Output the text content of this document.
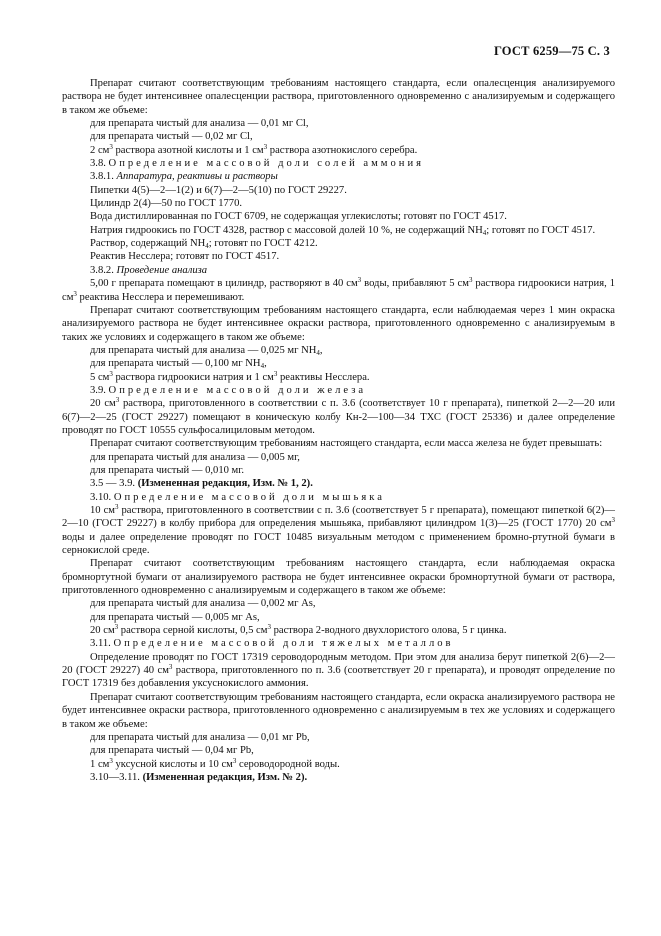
ГОСТ 6259—75 С. 3

Препарат считают соответствующим требованиям настоящего стандарта, если опалесценция анализируемого раствора не будет интенсивнее опалесценции раствора, приготовленного одновременно с анализируемым и содержащего в таком же объеме:

для препарата чистый для анализа — 0,01 мг Cl,

для препарата чистый — 0,02 мг Cl,

2 $см^3$ раствора азотной кислоты и 1 $см^3$ раствора азотнокислого серебра.

3.8. Определение массовой доли солей аммония

3.8.1. Аппаратура, реактивы и растворы

Пипетки 4(5)—2—1(2) и 6(7)—2—5(10) по ГОСТ 29227.

Цилиндр 2(4)—50 по ГОСТ 1770.

Вода дистиллированная по ГОСТ 6709, не содержащая углекислоты; готовят по ГОСТ 4517.

Натрия гидроокись по ГОСТ 4328, раствор с массовой долей 10 %, не содержащий $NH_4$; готовят по ГОСТ 4517.

Раствор, содержащий $NH_4$; готовят по ГОСТ 4212.

Реактив Несслера; готовят по ГОСТ 4517.

3.8.2. Проведение анализа

5,00 г препарата помещают в цилиндр, растворяют в 40 $см^3$ воды, прибавляют 5 $см^3$ раствора гидроокиси натрия, 1 $см^3$ реактива Несслера и перемешивают.

Препарат считают соответствующим требованиям настоящего стандарта, если наблюдаемая через 1 мин окраска анализируемого раствора не будет интенсивнее окраски раствора, приготовленного одновременно с анализируемым в таких же условиях и содержащего в таком же объеме:

для препарата чистый для анализа — 0,025 мг $NH_4$,

для препарата чистый — 0,100 мг $NH_4$,

5 $см^3$ раствора гидроокиси натрия и 1 $см^3$ реактивы Несслера.

3.9. Определение массовой доли железа

20 $см^3$ раствора, приготовленного в соответствии с п. 3.6 (соответствует 10 г препарата), пипеткой 2—2—20 или 6(7)—2—25 (ГОСТ 29227) помещают в коническую колбу Кн-2—100—34 ТХС (ГОСТ 25336) и далее определение проводят по ГОСТ 10555 сульфосалициловым методом.

Препарат считают соответствующим требованиям настоящего стандарта, если масса железа не будет превышать:

для препарата чистый для анализа — 0,005 мг,

для препарата чистый — 0,010 мг.

3.5 — 3.9. (Измененная редакция, Изм. № 1, 2).

3.10. Определение массовой доли мышьяка

10 $см^3$ раствора, приготовленного в соответствии с п. 3.6 (соответствует 5 г препарата), помещают пипеткой 6(2)—2—10 (ГОСТ 29227) в колбу прибора для определения мышьяка, прибавляют цилиндром 1(3)—25 (ГОСТ 1770) 20 $см^3$ воды и далее определение проводят по ГОСТ 10485 визуальным методом с применением бромно-ртутной бумаги в сернокислой среде.

Препарат считают соответствующим требованиям настоящего стандарта, если наблюдаемая окраска бромнортутной бумаги от анализируемого раствора не будет интенсивнее окраски бромнортутной бумаги от раствора, приготовленного одновременно с анализируемым и содержащего в таком же объеме:

для препарата чистый для анализа — 0,002 мг As,

для препарата чистый — 0,005 мг As,

20 $см^3$ раствора серной кислоты, 0,5 $см^3$ раствора 2-водного двухлористого олова, 5 г цинка.

3.11. Определение массовой доли тяжелых металлов

Определение проводят по ГОСТ 17319 сероводородным методом. При этом для анализа берут пипеткой 2(6)—2—20 (ГОСТ 29227) 40 $см^3$ раствора, приготовленного по п. 3.6 (соответствует 20 г препарата), и проводят определение по ГОСТ 17319 без добавления уксуснокислого аммония.

Препарат считают соответствующим требованиям настоящего стандарта, если окраска анализируемого раствора не будет интенсивнее окраски раствора, приготовленного одновременно с анализируемым в тех же условиях и содержащего в таком же объеме:

для препарата чистый для анализа — 0,01 мг Pb,

для препарата чистый — 0,04 мг Pb,

1 $см^3$ уксусной кислоты и 10 $см^3$ сероводородной воды.

3.10—3.11. (Измененная редакция, Изм. № 2).
